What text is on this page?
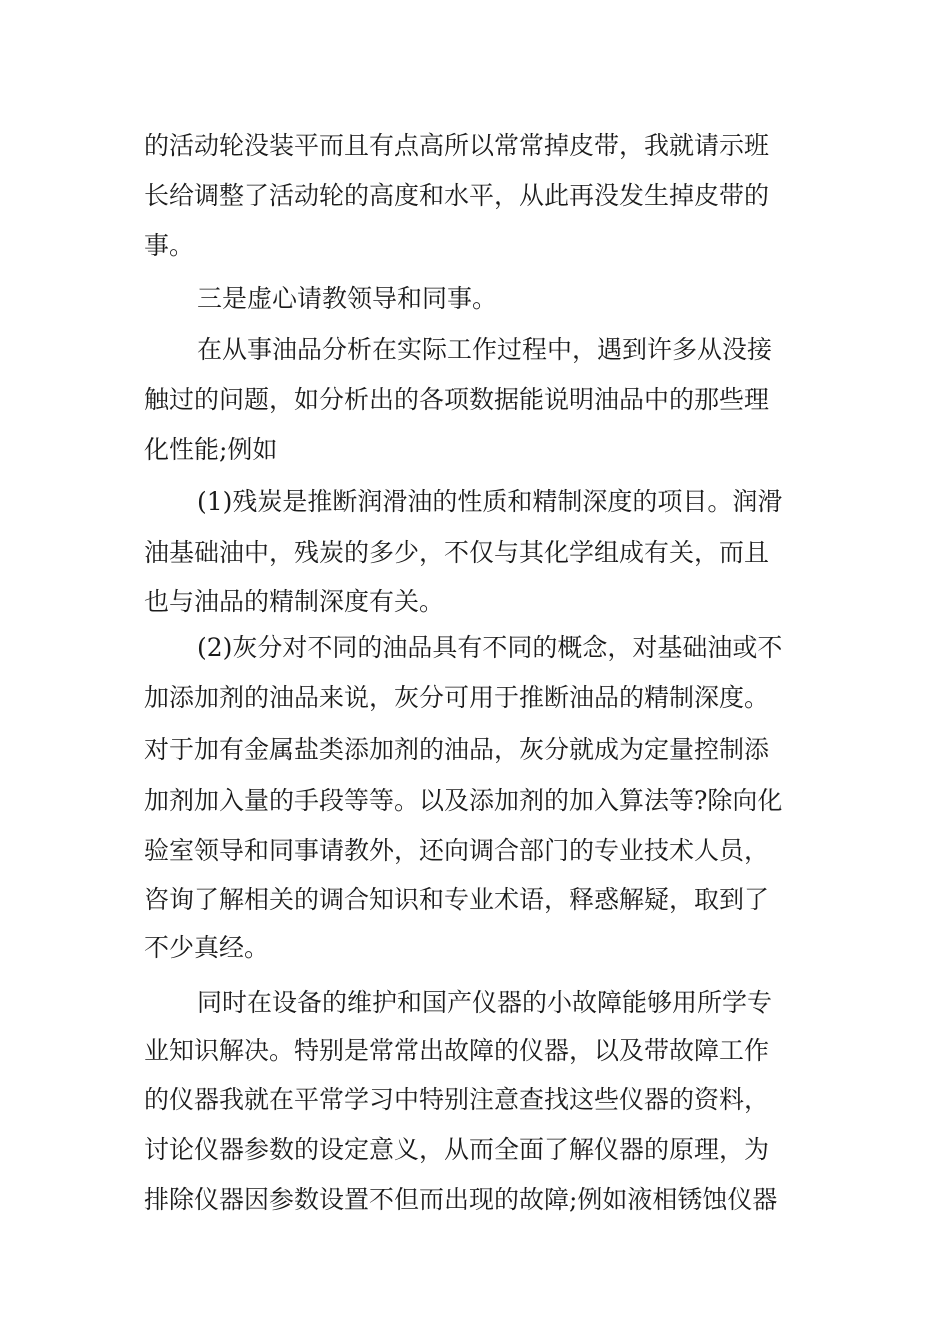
的活动轮没装平而且有点高所以常常掉皮带，我就请示班

长给调整了活动轮的高度和水平，从此再没发生掉皮带的

事。

三是虚心请教领导和同事。

在从事油品分析在实际工作过程中，遇到许多从没接

触过的问题，如分析出的各项数据能说明油品中的那些理

化性能;例如

(1)残炭是推断润滑油的性质和精制深度的项目。润滑

油基础油中，残炭的多少，不仅与其化学组成有关，而且

也与油品的精制深度有关。

(2)灰分对不同的油品具有不同的概念，对基础油或不

加添加剂的油品来说，灰分可用于推断油品的精制深度。

对于加有金属盐类添加剂的油品，灰分就成为定量控制添

加剂加入量的手段等等。以及添加剂的加入算法等?除向化

验室领导和同事请教外，还向调合部门的专业技术人员，

咨询了解相关的调合知识和专业术语，释惑解疑，取到了

不少真经。

同时在设备的维护和国产仪器的小故障能够用所学专

业知识解决。特别是常常出故障的仪器，以及带故障工作

的仪器我就在平常学习中特别注意查找这些仪器的资料，

讨论仪器参数的设定意义，从而全面了解仪器的原理，为

排除仪器因参数设置不但而出现的故障;例如液相锈蚀仪器
